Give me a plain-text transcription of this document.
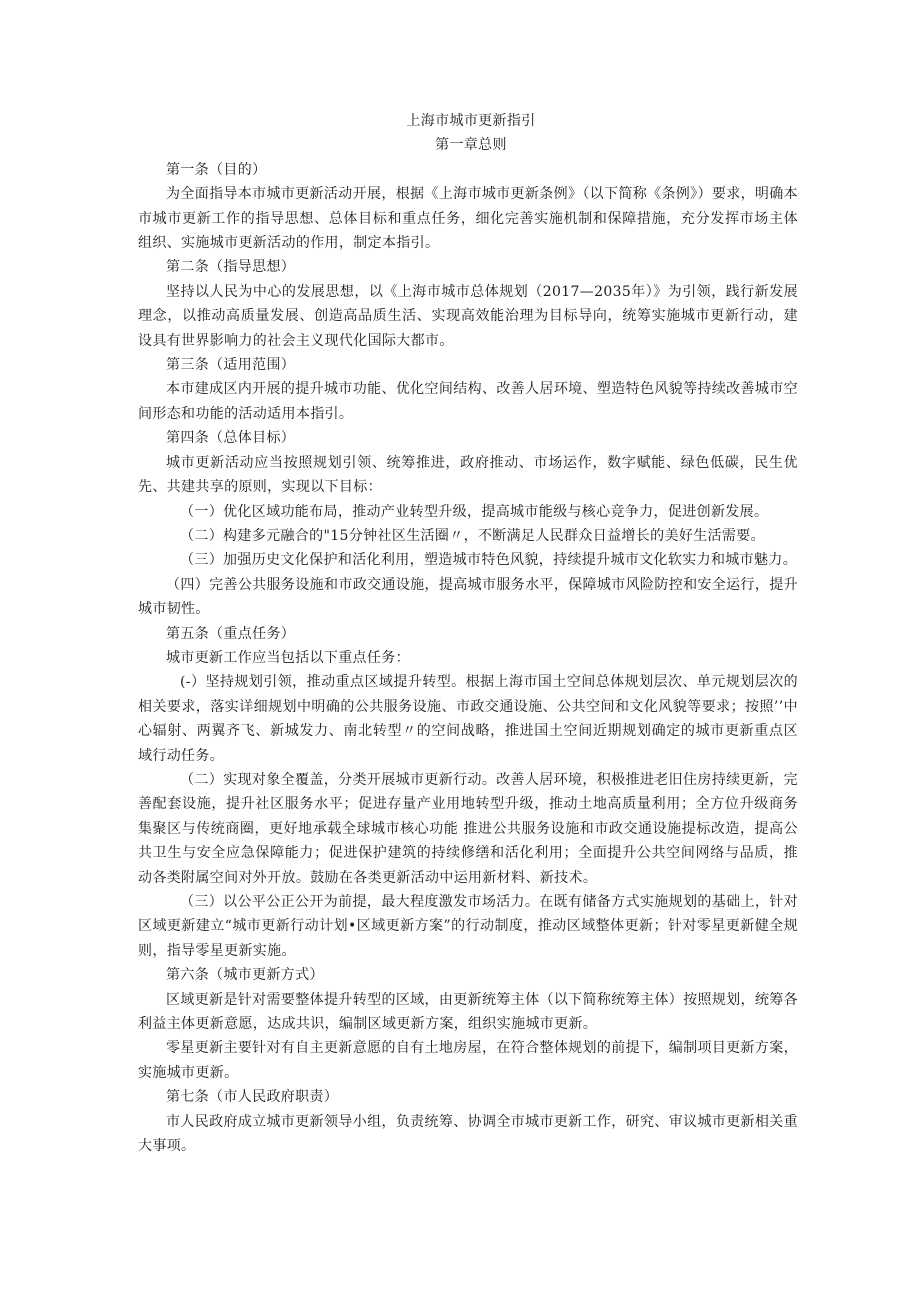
上海市城市更新指引

第一章总则

第一条（目的）

为全面指导本市城市更新活动开展，根据《上海市城市更新条例》（以下简称《条例》）要求，明确本市城市更新工作的指导思想、总体目标和重点任务，细化完善实施机制和保障措施，充分发挥市场主体组织、实施城市更新活动的作用，制定本指引。

第二条（指导思想）

坚持以人民为中心的发展思想，以《上海市城市总体规划（2017—2035年）》为引领，践行新发展理念，以推动高质量发展、创造高品质生活、实现高效能治理为目标导向，统筹实施城市更新行动，建设具有世界影响力的社会主义现代化国际大都市。

第三条（适用范围）

本市建成区内开展的提升城市功能、优化空间结构、改善人居环境、塑造特色风貌等持续改善城市空间形态和功能的活动适用本指引。

第四条（总体目标）

城市更新活动应当按照规划引领、统筹推进，政府推动、市场运作，数字赋能、绿色低碳，民生优先、共建共享的原则，实现以下目标：

（一）优化区域功能布局，推动产业转型升级，提高城市能级与核心竞争力，促进创新发展。

（二）构建多元融合的"15分钟社区生活圈〃，不断满足人民群众日益增长的美好生活需要。

（三）加强历史文化保护和活化利用，塑造城市特色风貌，持续提升城市文化软实力和城市魅力。

（四）完善公共服务设施和市政交通设施，提高城市服务水平，保障城市风险防控和安全运行，提升城市韧性。

第五条（重点任务）

城市更新工作应当包括以下重点任务：

(-）坚持规划引领，推动重点区域提升转型。根据上海市国土空间总体规划层次、单元规划层次的相关要求，落实详细规划中明确的公共服务设施、市政交通设施、公共空间和文化风貌等要求；按照’’中心辐射、两翼齐飞、新城发力、南北转型〃的空间战略，推进国土空间近期规划确定的城市更新重点区域行动任务。

（二）实现对象全覆盖，分类开展城市更新行动。改善人居环境，积极推进老旧住房持续更新，完善配套设施，提升社区服务水平；促进存量产业用地转型升级，推动土地高质量利用；全方位升级商务集聚区与传统商圈，更好地承载全球城市核心功能 推进公共服务设施和市政交通设施提标改造，提高公共卫生与安全应急保障能力；促进保护建筑的持续修缮和活化利用；全面提升公共空间网络与品质，推动各类附属空间对外开放。鼓励在各类更新活动中运用新材料、新技术。

（三）以公平公正公开为前提，最大程度激发市场活力。在既有储备方式实施规划的基础上，针对区域更新建立“城市更新行动计划•区域更新方案”的行动制度，推动区域整体更新；针对零星更新健全规则，指导零星更新实施。

第六条（城市更新方式）

区域更新是针对需要整体提升转型的区域，由更新统筹主体（以下简称统筹主体）按照规划，统筹各利益主体更新意愿，达成共识，编制区域更新方案，组织实施城市更新。

零星更新主要针对有自主更新意愿的自有土地房屋，在符合整体规划的前提下，编制项目更新方案，实施城市更新。

第七条（市人民政府职责）

市人民政府成立城市更新领导小组，负责统筹、协调全市城市更新工作，研究、审议城市更新相关重大事项。
